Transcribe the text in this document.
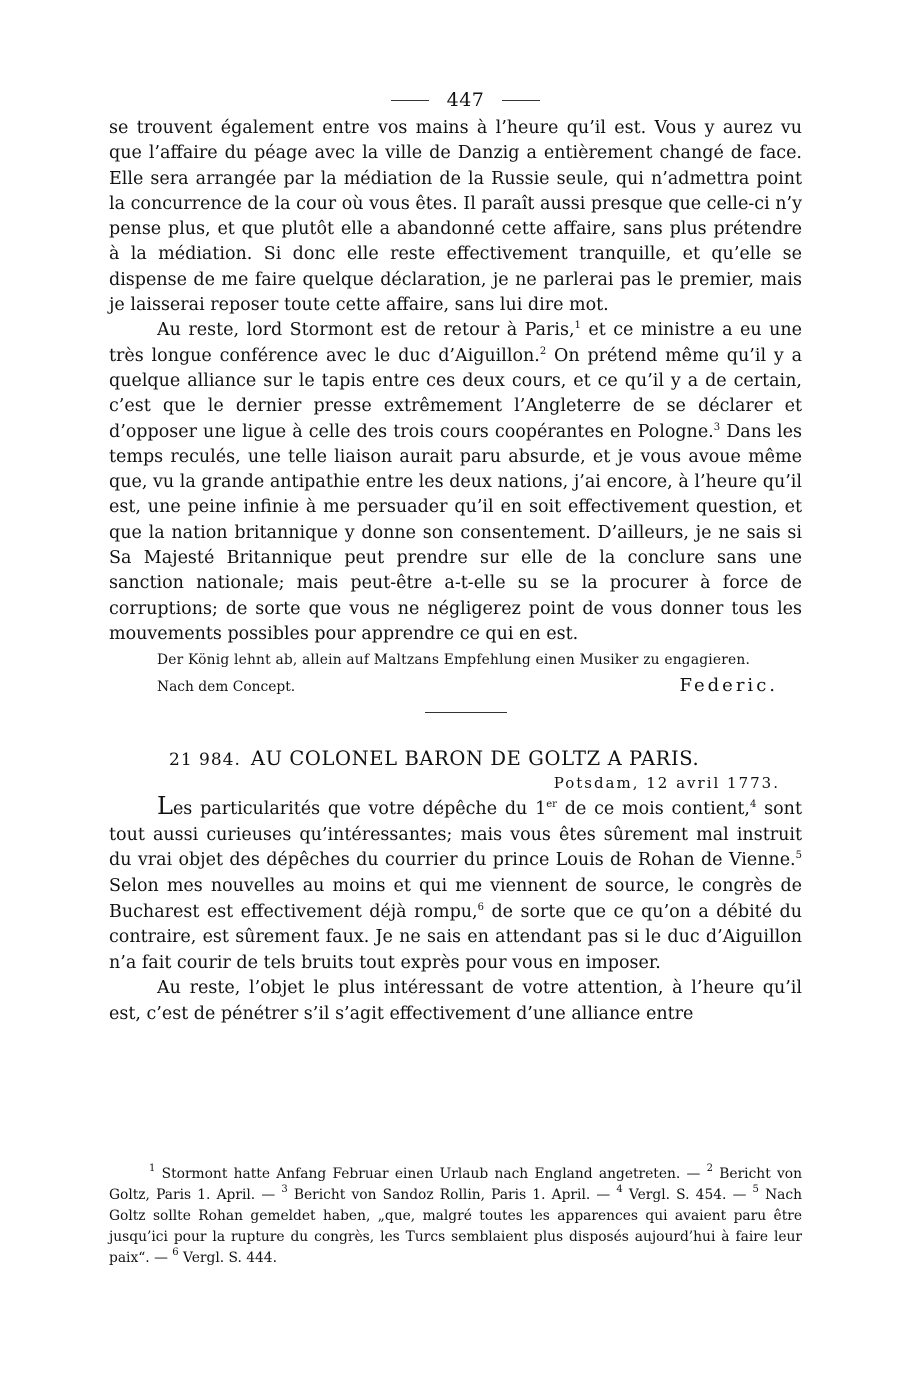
447

se trouvent également entre vos mains à l’heure qu’il est. Vous y aurez vu que l’affaire du péage avec la ville de Danzig a entièrement changé de face. Elle sera arrangée par la médiation de la Russie seule, qui n’admettra point la concurrence de la cour où vous êtes. Il paraît aussi presque que celle-ci n’y pense plus, et que plutôt elle a abandonné cette affaire, sans plus prétendre à la médiation. Si donc elle reste effectivement tranquille, et qu’elle se dispense de me faire quelque déclaration, je ne parlerai pas le premier, mais je laisserai reposer toute cette affaire, sans lui dire mot.

Au reste, lord Stormont est de retour à Paris,$^1$ et ce ministre a eu une très longue conférence avec le duc d’Aiguillon.$^2$ On prétend même qu’il y a quelque alliance sur le tapis entre ces deux cours, et ce qu’il y a de certain, c’est que le dernier presse extrêmement l’Angleterre de se déclarer et d’opposer une ligue à celle des trois cours coopérantes en Pologne.$^3$ Dans les temps reculés, une telle liaison aurait paru absurde, et je vous avoue même que, vu la grande antipathie entre les deux nations, j’ai encore, à l’heure qu’il est, une peine infinie à me persuader qu’il en soit effectivement question, et que la nation britannique y donne son consentement. D’ailleurs, je ne sais si Sa Majesté Britannique peut prendre sur elle de la conclure sans une sanction nationale; mais peut-être a-t-elle su se la procurer à force de corruptions; de sorte que vous ne négligerez point de vous donner tous les mouvements possibles pour apprendre ce qui en est.

Der König lehnt ab, allein auf Maltzans Empfehlung einen Musiker zu engagieren.
Nach dem Concept.	Federic.
21 984. AU COLONEL BARON DE GOLTZ A PARIS.
Potsdam, 12 avril 1773.

Les particularités que votre dépêche du 1er de ce mois contient,$^4$ sont tout aussi curieuses qu’intéressantes; mais vous êtes sûrement mal instruit du vrai objet des dépêches du courrier du prince Louis de Rohan de Vienne.$^5$ Selon mes nouvelles au moins et qui me viennent de source, le congrès de Bucharest est effectivement déjà rompu,$^6$ de sorte que ce qu’on a débité du contraire, est sûrement faux. Je ne sais en attendant pas si le duc d’Aiguillon n’a fait courir de tels bruits tout exprès pour vous en imposer.

Au reste, l’objet le plus intéressant de votre attention, à l’heure qu’il est, c’est de pénétrer s’il s’agit effectivement d’une alliance entre

$^1$ Stormont hatte Anfang Februar einen Urlaub nach England angetreten. — $^2$ Bericht von Goltz, Paris 1. April. — $^3$ Bericht von Sandoz Rollin, Paris 1. April. — $^4$ Vergl. S. 454. — $^5$ Nach Goltz sollte Rohan gemeldet haben, „que, malgré toutes les apparences qui avaient paru être jusqu’ici pour la rupture du congrès, les Turcs semblaient plus disposés aujourd’hui à faire leur paix“. — $^6$ Vergl. S. 444.
